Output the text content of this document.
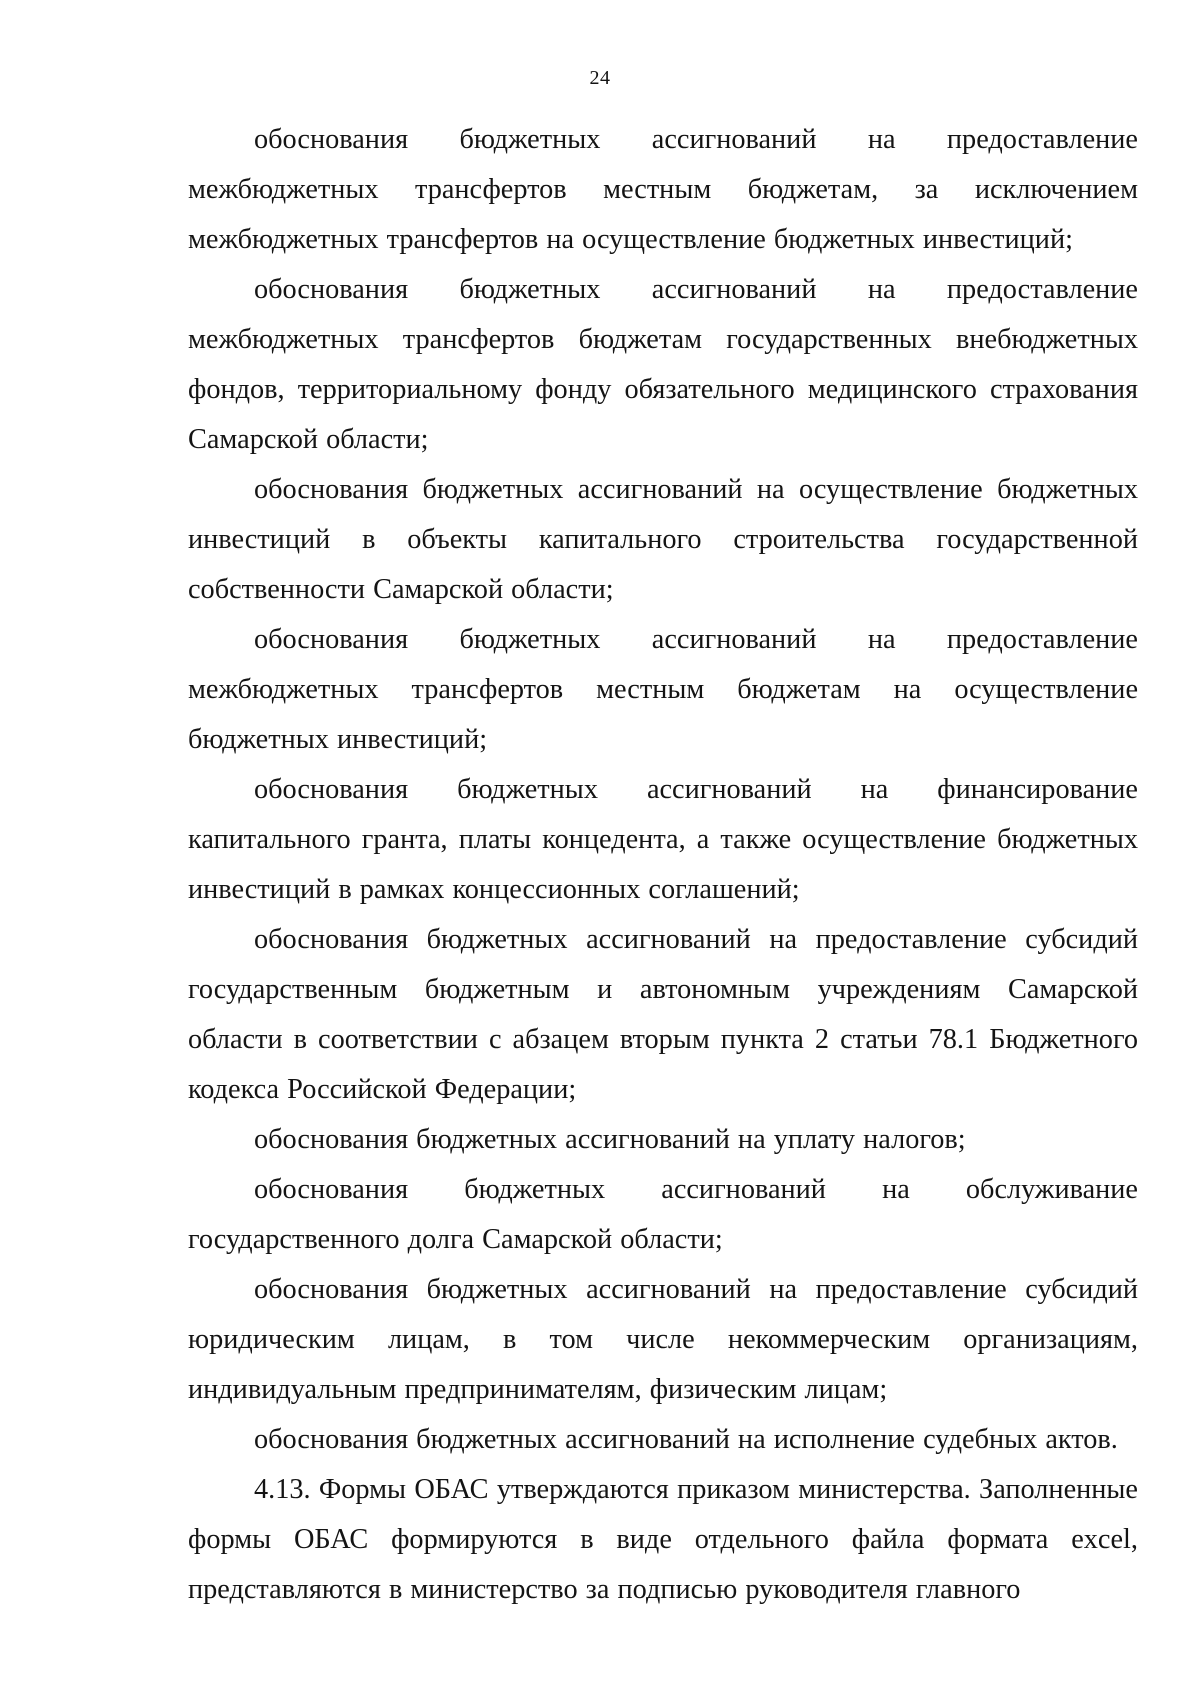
24

обоснования бюджетных ассигнований на предоставление межбюджетных трансфертов местным бюджетам, за исключением межбюджетных трансфертов на осуществление бюджетных инвестиций;

обоснования бюджетных ассигнований на предоставление межбюджетных трансфертов бюджетам государственных внебюджетных фондов, территориальному фонду обязательного медицинского страхования Самарской области;

обоснования бюджетных ассигнований на осуществление бюджетных инвестиций в объекты капитального строительства государственной собственности Самарской области;

обоснования бюджетных ассигнований на предоставление межбюджетных трансфертов местным бюджетам на осуществление бюджетных инвестиций;

обоснования бюджетных ассигнований на финансирование капитального гранта, платы концедента, а также осуществление бюджетных инвестиций в рамках концессионных соглашений;

обоснования бюджетных ассигнований на предоставление субсидий государственным бюджетным и автономным учреждениям Самарской области в соответствии с абзацем вторым пункта 2 статьи 78.1 Бюджетного кодекса Российской Федерации;

обоснования бюджетных ассигнований на уплату налогов;

обоснования бюджетных ассигнований на обслуживание государственного долга Самарской области;

обоснования бюджетных ассигнований на предоставление субсидий юридическим лицам, в том числе некоммерческим организациям, индивидуальным предпринимателям, физическим лицам;

обоснования бюджетных ассигнований на исполнение судебных актов.

4.13. Формы ОБАС утверждаются приказом министерства. Заполненные формы ОБАС формируются в виде отдельного файла формата excel, представляются в министерство за подписью руководителя главного
